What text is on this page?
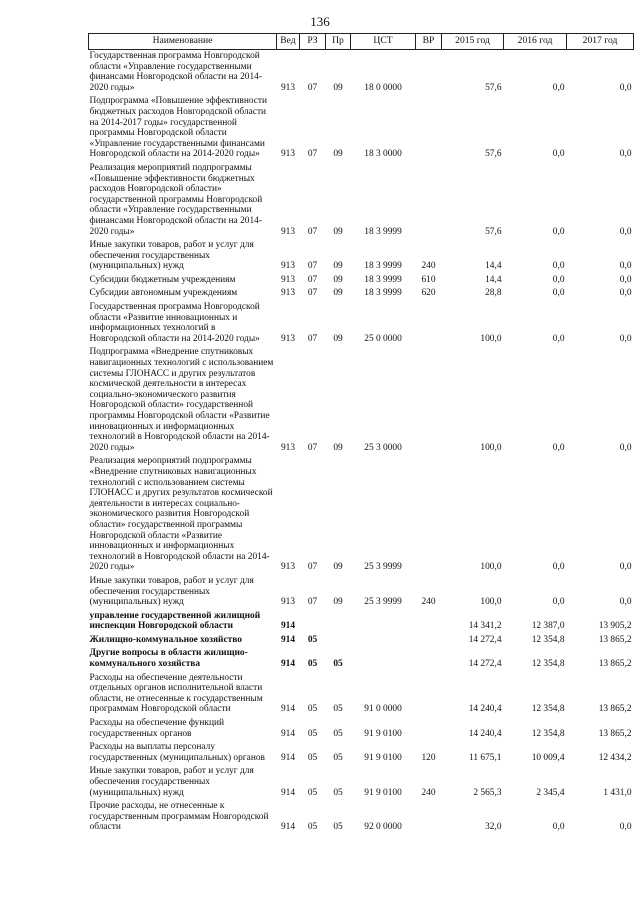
136
Наименование	Вед	РЗ	Пр	ЦСТ	ВР	2015 год	2016 год	2017 год
Государственная программа Новгородской области «Управление государственными финансами Новгородской области на 2014-2020 годы»	913	07	09	18 0 0000		57,6	0,0	0,0
Подпрограмма «Повышение эффективности бюджетных расходов Новгородской области на 2014-2017 годы» государственной программы Новгородской области «Управление государственными финансами Новгородской области на 2014-2020 годы»	913	07	09	18 3 0000		57,6	0,0	0,0
Реализация мероприятий подпрограммы «Повышение эффективности бюджетных расходов Новгородской области» государственной программы Новгородской области «Управление государственными финансами Новгородской области на 2014-2020 годы»	913	07	09	18 3 9999		57,6	0,0	0,0
Иные закупки товаров, работ и услуг для обеспечения государственных (муниципальных) нужд	913	07	09	18 3 9999	240	14,4	0,0	0,0
Субсидии бюджетным учреждениям	913	07	09	18 3 9999	610	14,4	0,0	0,0
Субсидии автономным учреждениям	913	07	09	18 3 9999	620	28,8	0,0	0,0
Государственная программа Новгородской области «Развитие инновационных и информационных технологий в Новгородской области на 2014-2020 годы»	913	07	09	25 0 0000		100,0	0,0	0,0
Подпрограмма «Внедрение спутниковых навигационных технологий с использованием системы ГЛОНАСС и других результатов космической деятельности в интересах социально-экономического развития Новгородской области» государственной программы Новгородской области «Развитие инновационных и информационных технологий в Новгородской области на 2014-2020 годы»	913	07	09	25 3 0000		100,0	0,0	0,0
Реализация мероприятий подпрограммы «Внедрение спутниковых навигационных технологий с использованием системы ГЛОНАСС и других результатов космической деятельности в интересах социально-экономического развития Новгородской области» государственной программы Новгородской области «Развитие инновационных и информационных технологий в Новгородской области на 2014-2020 годы»	913	07	09	25 3 9999		100,0	0,0	0,0
Иные закупки товаров, работ и услуг для обеспечения государственных (муниципальных) нужд	913	07	09	25 3 9999	240	100,0	0,0	0,0
управление государственной жилищной инспекции Новгородской области	914					14 341,2	12 387,0	13 905,2
Жилищно-коммунальное хозяйство	914	05				14 272,4	12 354,8	13 865,2
Другие вопросы в области жилищно-коммунального хозяйства	914	05	05			14 272,4	12 354,8	13 865,2
Расходы на обеспечение деятельности отдельных органов исполнительной власти области, не отнесенные к государственным программам Новгородской области	914	05	05	91 0 0000		14 240,4	12 354,8	13 865,2
Расходы на обеспечение функций государственных органов	914	05	05	91 9 0100		14 240,4	12 354,8	13 865,2
Расходы на выплаты персоналу государственных (муниципальных) органов	914	05	05	91 9 0100	120	11 675,1	10 009,4	12 434,2
Иные закупки товаров, работ и услуг для обеспечения государственных (муниципальных) нужд	914	05	05	91 9 0100	240	2 565,3	2 345,4	1 431,0
Прочие расходы, не отнесенные к государственным программам Новгородской области	914	05	05	92 0 0000		32,0	0,0	0,0
